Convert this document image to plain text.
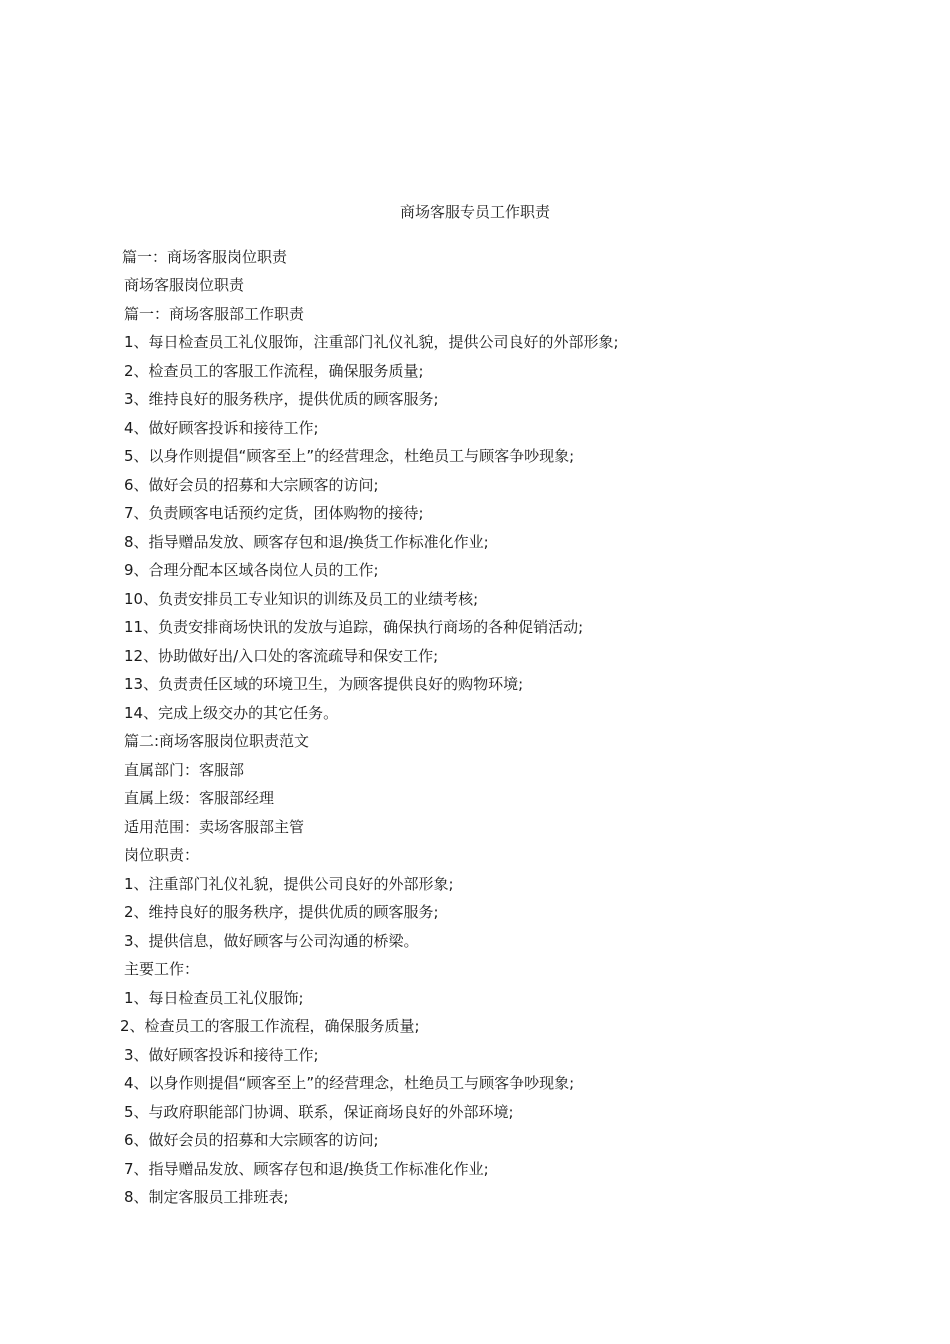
商场客服专员工作职责
篇一：商场客服岗位职责
商场客服岗位职责
篇一：商场客服部工作职责
1、每日检查员工礼仪服饰，注重部门礼仪礼貌，提供公司良好的外部形象;
2、检查员工的客服工作流程，确保服务质量;
3、维持良好的服务秩序，提供优质的顾客服务;
4、做好顾客投诉和接待工作;
5、以身作则提倡“顾客至上”的经营理念，杜绝员工与顾客争吵现象;
6、做好会员的招募和大宗顾客的访问;
7、负责顾客电话预约定货，团体购物的接待;
8、指导赠品发放、顾客存包和退/换货工作标准化作业;
9、合理分配本区域各岗位人员的工作;
10、负责安排员工专业知识的训练及员工的业绩考核;
11、负责安排商场快讯的发放与追踪，确保执行商场的各种促销活动;
12、协助做好出/入口处的客流疏导和保安工作;
13、负责责任区域的环境卫生，为顾客提供良好的购物环境;
14、完成上级交办的其它任务。
篇二:商场客服岗位职责范文
直属部门：客服部
直属上级：客服部经理
适用范围：卖场客服部主管
岗位职责：
1、注重部门礼仪礼貌，提供公司良好的外部形象;
2、维持良好的服务秩序，提供优质的顾客服务;
3、提供信息，做好顾客与公司沟通的桥梁。
主要工作：
1、每日检查员工礼仪服饰;
2、检查员工的客服工作流程，确保服务质量;
3、做好顾客投诉和接待工作;
4、以身作则提倡“顾客至上”的经营理念，杜绝员工与顾客争吵现象;
5、与政府职能部门协调、联系，保证商场良好的外部环境;
6、做好会员的招募和大宗顾客的访问;
7、指导赠品发放、顾客存包和退/换货工作标准化作业;
8、制定客服员工排班表;
